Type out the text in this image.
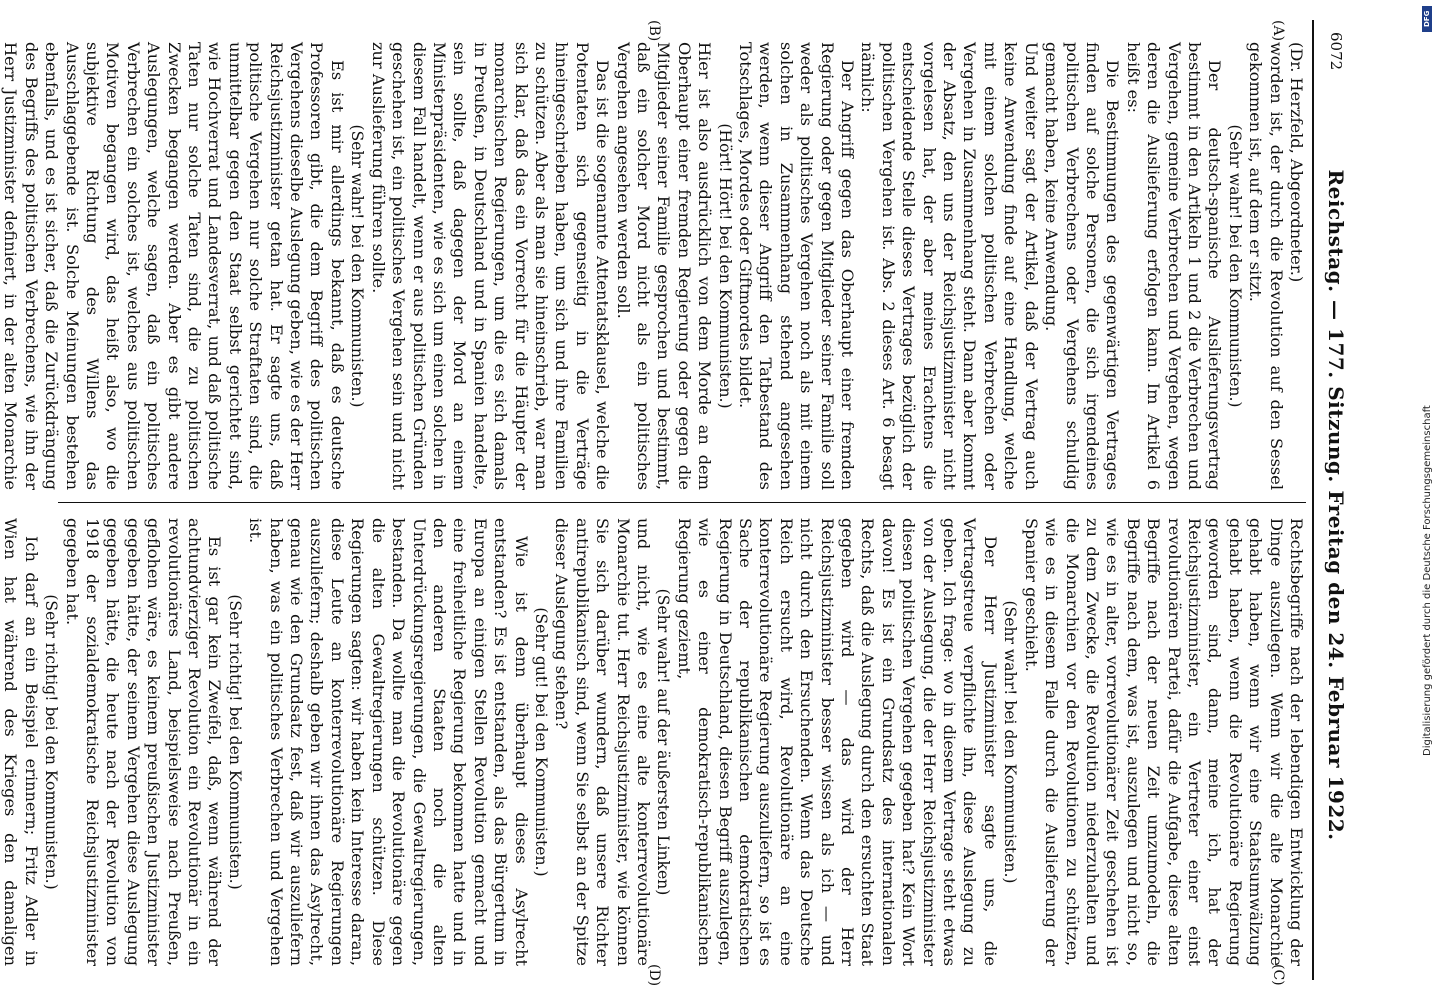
6072
Reichstag. — 177. Sitzung. Freitag den 24. Februar 1922.
(A)
(B)
(C)
(D)

(Dr. Herzfeld, Abgeordneter.)

worden ist, der durch die Revolution auf den Sessel gekommen ist, auf dem er sitzt.

(Sehr wahr! bei den Kommunisten.)

Der deutsch-spanische Auslieferungsvertrag bestimmt in den Artikeln 1 und 2 die Verbrechen und Vergehen, gemeine Verbrechen und Vergehen, wegen deren die Auslieferung erfolgen kann. Im Artikel 6 heißt es:

Die Bestimmungen des gegenwärtigen Vertrages finden auf solche Personen, die sich irgendeines politischen Verbrechens oder Vergehens schuldig gemacht haben, keine Anwendung.

Und weiter sagt der Artikel, daß der Vertrag auch keine Anwendung finde auf eine Handlung, welche mit einem solchen politischen Verbrechen oder Vergehen in Zusammenhang steht. Dann aber kommt der Absatz, den uns der Reichsjustizminister nicht vorgelesen hat, der aber meines Erachtens die entscheidende Stelle dieses Vertrages bezüglich der politischen Vergehen ist. Abs. 2 dieses Art. 6 besagt nämlich:

Der Angriff gegen das Oberhaupt einer fremden Regierung oder gegen Mitglieder seiner Familie soll weder als politisches Vergehen noch als mit einem solchen in Zusammenhang stehend angesehen werden, wenn dieser Angriff den Tatbestand des Totschlages, Mordes oder Giftmordes bildet.

(Hört! Hört! bei den Kommunisten.)

Hier ist also ausdrücklich von dem Morde an dem Oberhaupt einer fremden Regierung oder gegen die Mitglieder seiner Familie gesprochen und bestimmt, daß ein solcher Mord nicht als ein politisches Vergehen angesehen werden soll.

Das ist die sogenannte Attentatsklausel, welche die Potentaten sich gegenseitig in die Verträge hineingeschrieben haben, um sich und ihre Familien zu schützen. Aber als man sie hineinschrieb, war man sich klar, daß das ein Vorrecht für die Häupter der monarchischen Regierungen, um die es sich damals in Preußen, in Deutschland und in Spanien handelte, sein sollte, daß dagegen der Mord an einem Ministerpräsidenten, wie es sich um einen solchen in diesem Fall handelt, wenn er aus politischen Gründen geschehen ist, ein politisches Vergehen sein und nicht zur Auslieferung führen sollte.

(Sehr wahr! bei den Kommunisten.)

Es ist mir allerdings bekannt, daß es deutsche Professoren gibt, die dem Begriff des politischen Vergehens dieselbe Auslegung geben, wie es der Herr Reichsjustizminister getan hat. Er sagte uns, daß politische Vergehen nur solche Straftaten sind, die unmittelbar gegen den Staat selbst gerichtet sind, wie Hochverrat und Landesverrat, und daß politische Taten nur solche Taten sind, die zu politischen Zwecken begangen werden. Aber es gibt andere Auslegungen, welche sagen, daß ein politisches Verbrechen ein solches ist, welches aus politischen Motiven begangen wird, das heißt also, wo die subjektive Richtung des Willens das Ausschlaggebende ist. Solche Meinungen bestehen ebenfalls, und es ist sicher, daß die Zurückdrängung des Begriffs des politischen Verbrechens, wie ihn der Herr Justizminister definiert, in der alten Monarchie

Rechtsbegriffe nach der lebendigen Entwicklung der Dinge auszulegen. Wenn wir die alte Monarchie gehabt haben, wenn wir eine Staatsumwälzung gehabt haben, wenn die Revolutionäre Regierung geworden sind, dann, meine ich, hat der Reichsjustizminister, ein Vertreter einer einst revolutionären Partei, dafür die Aufgabe, diese alten Begriffe nach der neuen Zeit umzumodeln, die Begriffe nach dem, was ist, auszulegen und nicht so, wie es in alter, vorrevolutionärer Zeit geschehen ist zu dem Zwecke, die Revolution niederzuhalten und die Monarchien vor den Revolutionen zu schützen, wie es in diesem Falle durch die Auslieferung der Spanier geschieht.

(Sehr wahr! bei den Kommunisten.)

Der Herr Justizminister sagte uns, die Vertragstreue verpflichte ihn, diese Auslegung zu geben. Ich frage: wo in diesem Vertrage steht etwas von der Auslegung, die der Herr Reichsjustizminister diesen politischen Vergehen gegeben hat? Kein Wort davon! Es ist ein Grundsatz des internationalen Rechts, daß die Auslegung durch den ersuchten Staat gegeben wird — das wird der Herr Reichsjustizminister besser wissen als ich — und nicht durch den Ersuchenden. Wenn das Deutsche Reich ersucht wird, Revolutionäre an eine konterrevolutionäre Regierung auszuliefern, so ist es Sache der republikanischen demokratischen Regierung in Deutschland, diesen Begriff auszulegen, wie es einer demokratisch-republikanischen Regierung geziemt,

(Sehr wahr! auf der äußersten Linken)

und nicht, wie es eine alte konterrevolutionäre Monarchie tut. Herr Reichsjustizminister, wie können Sie sich darüber wundern, daß unsere Richter antirepublikanisch sind, wenn Sie selbst an der Spitze dieser Auslegung stehen?

(Sehr gut! bei den Kommunisten.)

Wie ist denn überhaupt dieses Asylrecht entstanden? Es ist entstanden, als das Bürgertum in Europa an einigen Stellen Revolution gemacht und eine freiheitliche Regierung bekommen hatte und in den anderen Staaten noch die alten Unterdrückungsregierungen, die Gewaltregierungen, bestanden. Da wollte man die Revolutionäre gegen die alten Gewaltregierungen schützen. Diese Regierungen sagten: wir haben kein Interesse daran, diese Leute an konterrevolutionäre Regierungen auszuliefern; deshalb geben wir ihnen das Asylrecht, genau wie den Grundsatz fest, daß wir auszuliefern haben, was ein politisches Verbrechen und Vergehen ist.

(Sehr richtig! bei den Kommunisten.)

Es ist gar kein Zweifel, daß, wenn während der achtundvierziger Revolution ein Revolutionär in ein revolutionäres Land, beispielsweise nach Preußen, geflohen wäre, es keinem preußischen Justizminister gegeben hätte, der seinem Vergehen diese Auslegung gegeben hätte, die heute nach der Revolution von 1918 der sozialdemokratische Reichsjustizminister gegeben hat.

(Sehr richtig! bei den Kommunisten.)

Ich darf an ein Beispiel erinnern; Fritz Adler in Wien hat während des Krieges den damaligen

DFG
Digitalisierung gefördert durch die Deutsche Forschungsgemeinschaft
